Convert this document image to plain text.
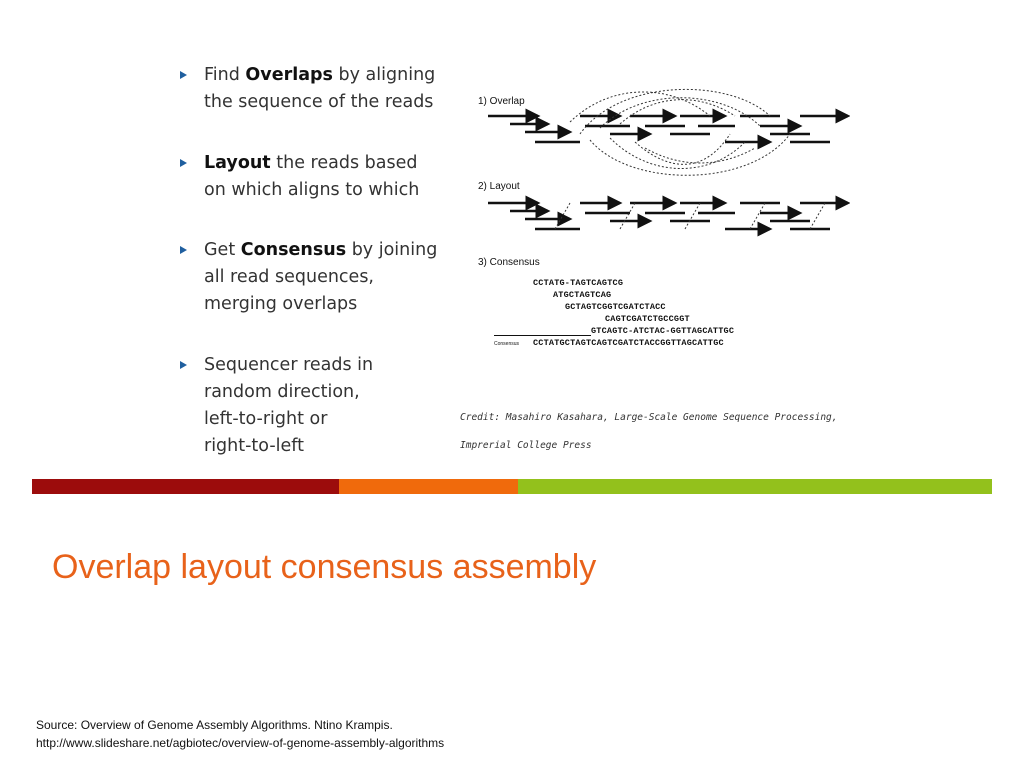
Find Overlaps by aligning
the sequence of the reads
Layout the reads based
on which aligns to which
Get Consensus by joining
all read sequences,
merging overlaps
Sequencer reads in
random direction,
left-to-right or
right-to-left
1) Overlap
2) Layout
3) Consensus
CCTATG-TAGTCAGTCG
ATGCTAGTCAG
GCTAGTCGGTCGATCTACC
CAGTCGATCTGCCGGT
GTCAGTC-ATCTAC-GGTTAGCATTGC
Consensus CCTATGCTAGTCAGTCGATCTACCGGTTAGCATTGC
Credit: Masahiro Kasahara, Large-Scale Genome Sequence Processing,
Imprerial College Press
Overlap layout consensus assembly
Source: Overview of Genome Assembly Algorithms. Ntino Krampis.
http://www.slideshare.net/agbiotec/overview-of-genome-assembly-algorithms
